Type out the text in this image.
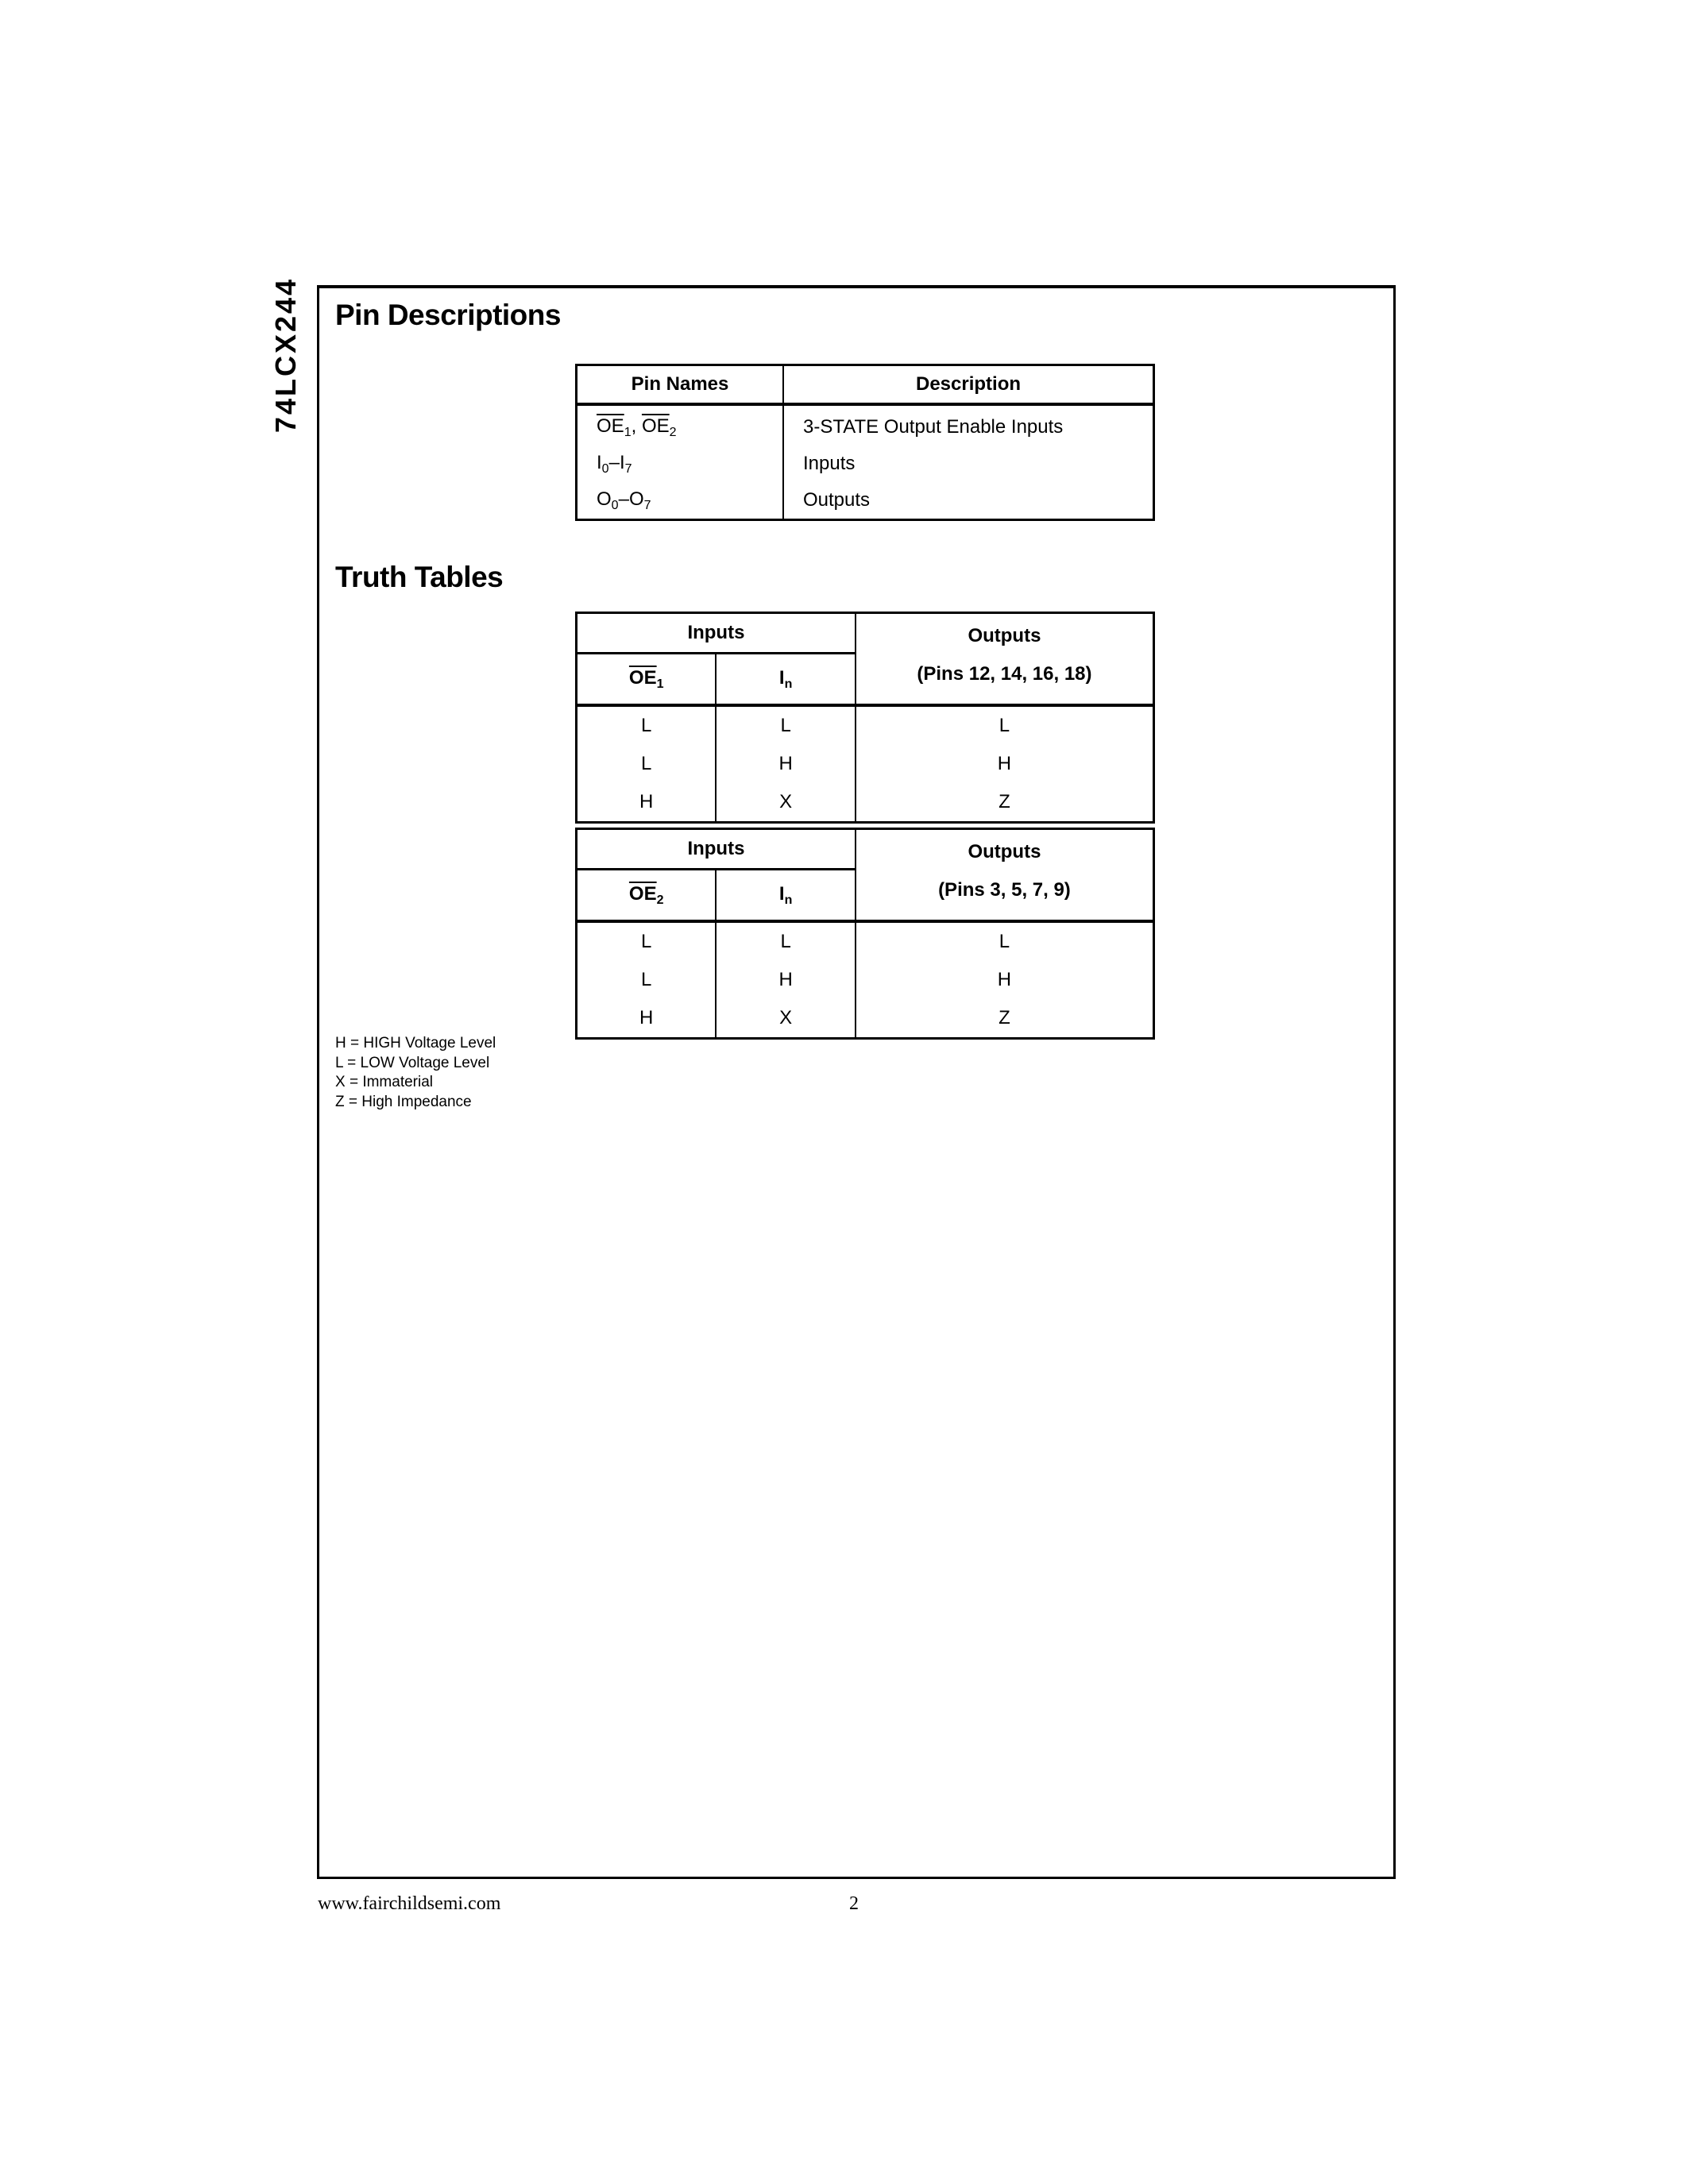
74LCX244 Pin Descriptions
Pin Names	Description
$\overline{OE}_1$, $\overline{OE}_2$	3-STATE Output Enable Inputs
$I_0-I_7$	Inputs
$O_0-O_7$	Outputs
Truth Tables
Inputs		Outputs
(Pins 12, 14, 16, 18)

$\overline{OE}_1$	$I_n$
L	L	L
L	H	H
H	X	Z
Inputs		Outputs
(Pins 3, 5, 7, 9)

$\overline{OE}_2$	$I_n$
L	L	L
L	H	H
H	X	Z
H = HIGH Voltage Level
L = LOW Voltage Level
X = Immaterial
Z = High Impedance
www.fairchildsemi.com	2
